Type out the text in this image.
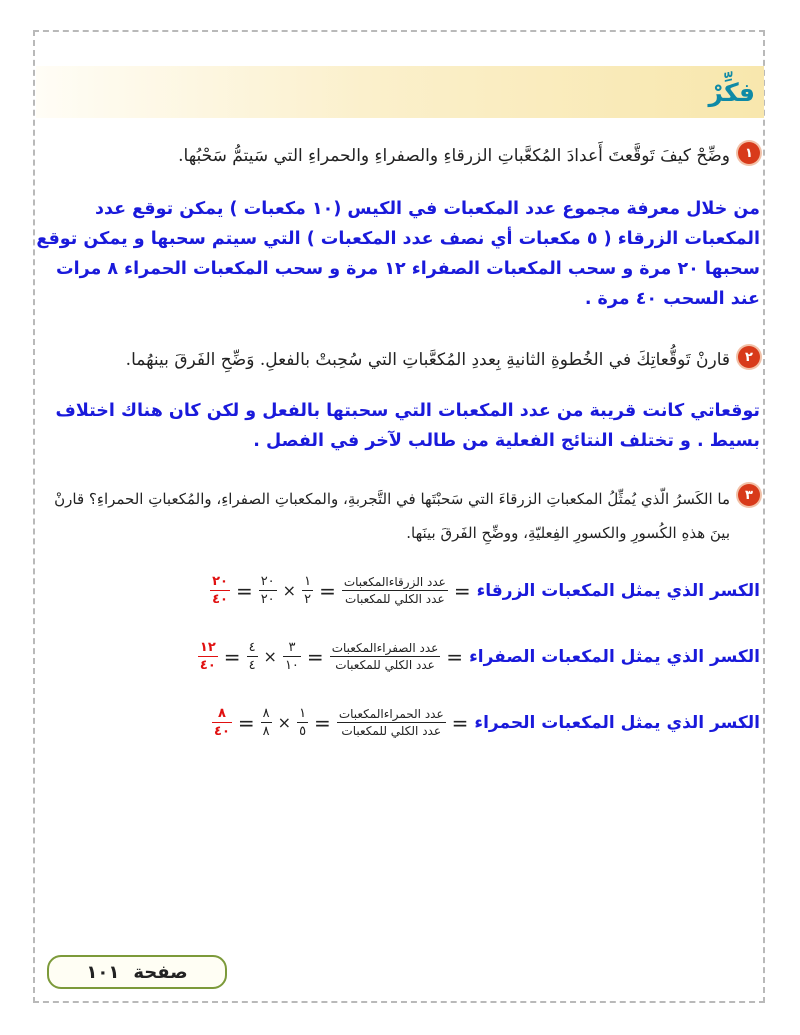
فكِّرْ
١
وضِّحْ كيفَ تَوقَّعتَ أَعدادَ المُكعَّباتِ الزرقاءِ والصفراءِ والحمراءِ التي سَيتمُّ سَحْبُها.
من خلال معرفة مجموع عدد المكعبات في الكيس (١٠ مكعبات ) يمكن توقع عدد المكعبات الزرقاء ( ٥ مكعبات أي نصف عدد المكعبات ) التي سيتم سحبها و يمكن توقع سحبها ٢٠ مرة و سحب المكعبات الصفراء ١٢ مرة و سحب المكعبات الحمراء ٨ مرات عند السحب ٤٠ مرة .
٢
قارنْ تَوقُّعاتِكَ في الخُطوةِ الثانيةِ بِعددِ المُكعَّباتِ التي سُحِبتْ بالفعلِ. وَضِّحِ الفَرقَ بينهُما.
توقعاتي كانت قريبة من عدد المكعبات التي سحبتها بالفعل و لكن كان هناك اختلاف بسيط . و تختلف النتائج الفعلية من طالب لآخر في الفصل .
٣
ما الكَسرُ الّذي يُمثِّلُ المكعباتِ الزرقاءَ التي سَحبْتَها في التَّجربةِ، والمكعباتِ الصفراءِ، والمُكعباتِ الحمراءِ؟ قارنْ بينَ هذهِ الكُسورِ والكسورِ الفِعليّةِ، ووضِّحِ الفَرقَ بينَها.
الكسر الذي يمثل المكعبات الزرقاء
=
$\frac{\text{عدد الزرقاءالمكعبات}}{\text{عدد الكلي للمكعبات}}$
=
$\frac{١}{٢}$
×
$\frac{٢٠}{٢٠}$
=
$\frac{٢٠}{٤٠}$
الكسر الذي يمثل المكعبات الصفراء
=
$\frac{\text{عدد الصفراءالمكعبات}}{\text{عدد الكلي للمكعبات}}$
=
$\frac{٣}{١٠}$
×
$\frac{٤}{٤}$
=
$\frac{١٢}{٤٠}$
الكسر الذي يمثل المكعبات الحمراء
=
$\frac{\text{عدد الحمراءالمكعبات}}{\text{عدد الكلي للمكعبات}}$
=
$\frac{١}{٥}$
×
$\frac{٨}{٨}$
=
$\frac{٨}{٤٠}$
صفحة
١٠١
